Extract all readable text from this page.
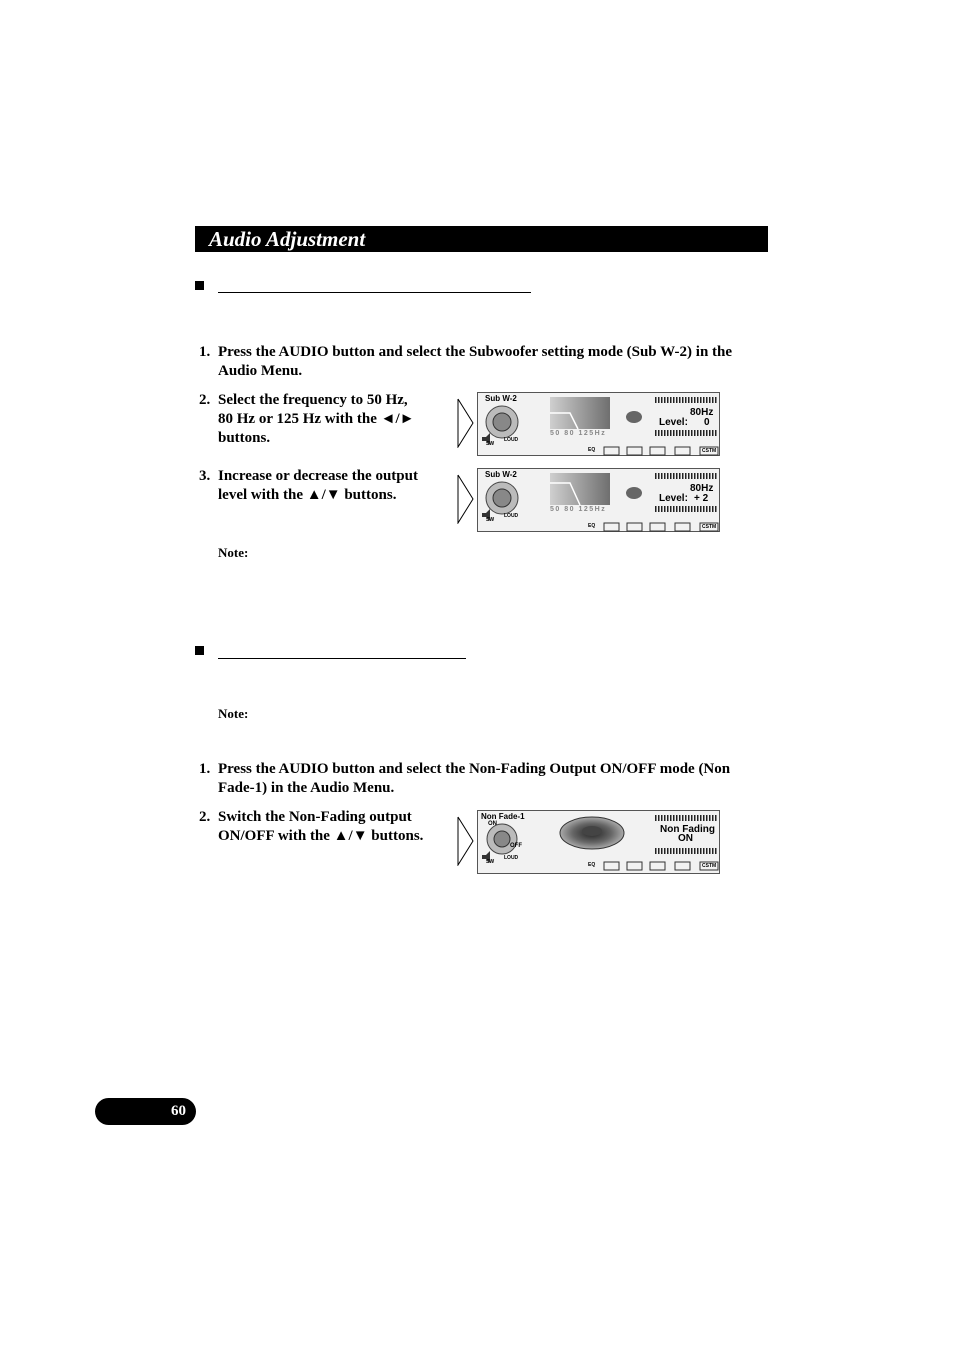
Audio Adjustment
1. Press the AUDIO button and select the Subwoofer setting mode (Sub W-2) in the
Audio Menu.
2. Select the frequency to 50 Hz,
80 Hz or 125 Hz with the ◄/►
buttons.
3. Increase or decrease the output
level with the ▲/▼ buttons.
Note:
Sub W-2
50 80 125Hz
80Hz
Level: 0
SW
LOUD
EQ	CSTM
Sub W-2
50 80 125Hz
80Hz
Level: + 2
SW
LOUD
EQ	CSTM
Note:
1. Press the AUDIO button and select the Non-Fading Output ON/OFF mode (Non
Fade-1) in the Audio Menu.
2. Switch the Non-Fading output
ON/OFF with the ▲/▼ buttons.
Non Fade-1
ON
OFF
Non Fading
ON
SW
LOUD
EQ	CSTM
60
